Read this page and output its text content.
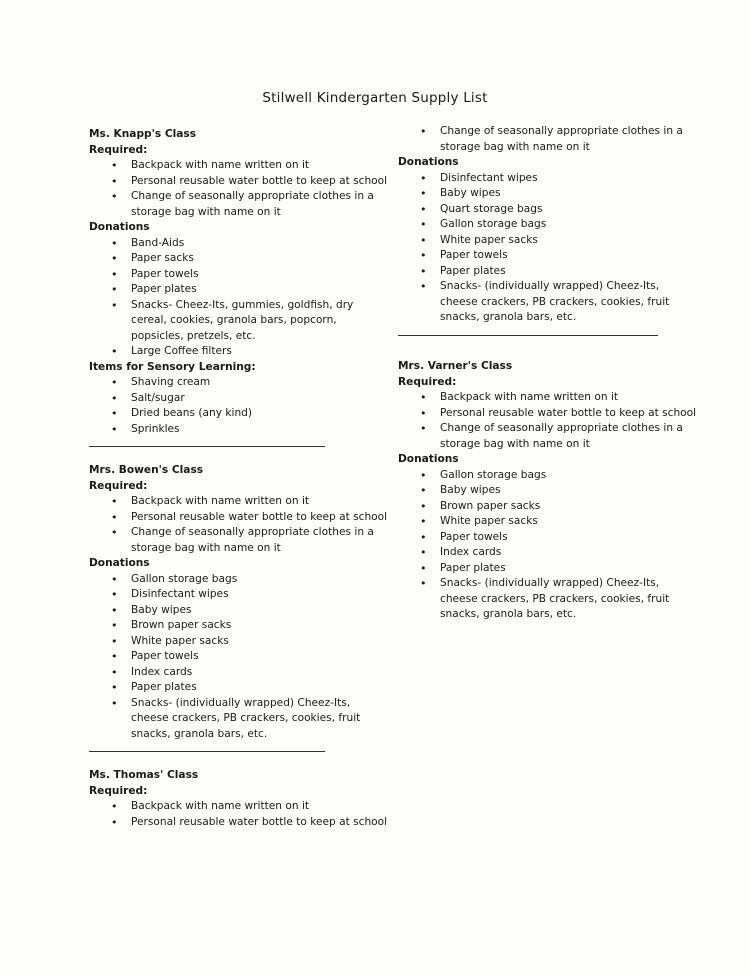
Stilwell Kindergarten Supply List
Ms. Knapp's Class
Required:
• Backpack with name written on it
• Personal reusable water bottle to keep at school
• Change of seasonally appropriate clothes in a storage bag with name on it
Donations
• Band-Aids
• Paper sacks
• Paper towels
• Paper plates
• Snacks- Cheez-Its, gummies, goldfish, dry cereal, cookies, granola bars, popcorn, popsicles, pretzels, etc.
• Large Coffee filters
Items for Sensory Learning:
• Shaving cream
• Salt/sugar
• Dried beans (any kind)
• Sprinkles
Mrs. Bowen's Class
Required:
• Backpack with name written on it
• Personal reusable water bottle to keep at school
• Change of seasonally appropriate clothes in a storage bag with name on it
Donations
• Gallon storage bags
• Disinfectant wipes
• Baby wipes
• Brown paper sacks
• White paper sacks
• Paper towels
• Index cards
• Paper plates
• Snacks- (individually wrapped) Cheez-Its, cheese crackers, PB crackers, cookies, fruit snacks, granola bars, etc.
Ms. Thomas' Class
Required:
• Backpack with name written on it
• Personal reusable water bottle to keep at school
• Change of seasonally appropriate clothes in a storage bag with name on it
Donations
• Disinfectant wipes
• Baby wipes
• Quart storage bags
• Gallon storage bags
• White paper sacks
• Paper towels
• Paper plates
• Snacks- (individually wrapped) Cheez-Its, cheese crackers, PB crackers, cookies, fruit snacks, granola bars, etc.
Mrs. Varner's Class
Required:
• Backpack with name written on it
• Personal reusable water bottle to keep at school
• Change of seasonally appropriate clothes in a storage bag with name on it
Donations
• Gallon storage bags
• Baby wipes
• Brown paper sacks
• White paper sacks
• Paper towels
• Index cards
• Paper plates
• Snacks- (individually wrapped) Cheez-Its, cheese crackers, PB crackers, cookies, fruit snacks, granola bars, etc.
